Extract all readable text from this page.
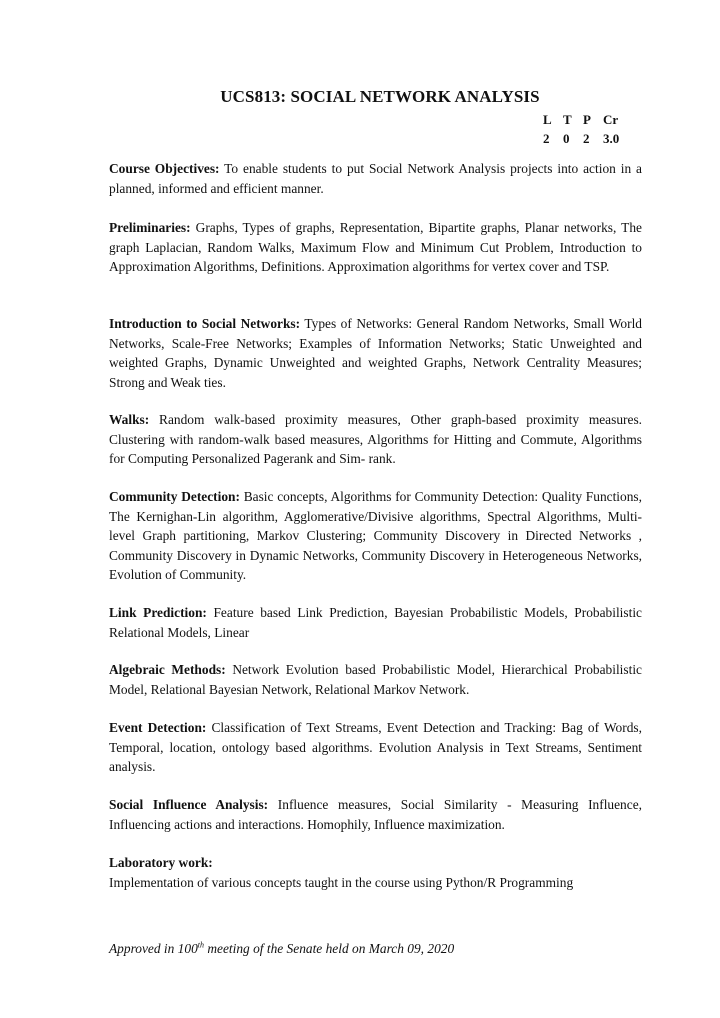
UCS813: SOCIAL NETWORK ANALYSIS
L T P Cr
2	0	2	3.0
Course Objectives: To enable students to put Social Network Analysis projects into action in a planned, informed and efficient manner.
Preliminaries: Graphs, Types of graphs, Representation, Bipartite graphs, Planar networks, The graph Laplacian, Random Walks, Maximum Flow and Minimum Cut Problem, Introduction to Approximation Algorithms, Definitions. Approximation algorithms for vertex cover and TSP.
Introduction to Social Networks: Types of Networks: General Random Networks, Small World Networks, Scale-Free Networks; Examples of Information Networks; Static Unweighted and weighted Graphs, Dynamic Unweighted and weighted Graphs, Network Centrality Measures; Strong and Weak ties.
Walks: Random walk-based proximity measures, Other graph-based proximity measures. Clustering with random-walk based measures, Algorithms for Hitting and Commute, Algorithms for Computing Personalized Pagerank and Sim- rank.
Community Detection: Basic concepts, Algorithms for Community Detection: Quality Functions, The Kernighan-Lin algorithm, Agglomerative/Divisive algorithms, Spectral Algorithms, Multi-level Graph partitioning, Markov Clustering; Community Discovery in Directed Networks , Community Discovery in Dynamic Networks, Community Discovery in Heterogeneous Networks, Evolution of Community.
Link Prediction: Feature based Link Prediction, Bayesian Probabilistic Models, Probabilistic Relational Models, Linear
Algebraic Methods: Network Evolution based Probabilistic Model, Hierarchical Probabilistic Model, Relational Bayesian Network, Relational Markov Network.
Event Detection: Classification of Text Streams, Event Detection and Tracking: Bag of Words, Temporal, location, ontology based algorithms. Evolution Analysis in Text Streams, Sentiment analysis.
Social Influence Analysis: Influence measures, Social Similarity - Measuring Influence, Influencing actions and interactions. Homophily, Influence maximization.
Laboratory work:
Implementation of various concepts taught in the course using Python/R Programming
Approved in 100th meeting of the Senate held on March 09, 2020
